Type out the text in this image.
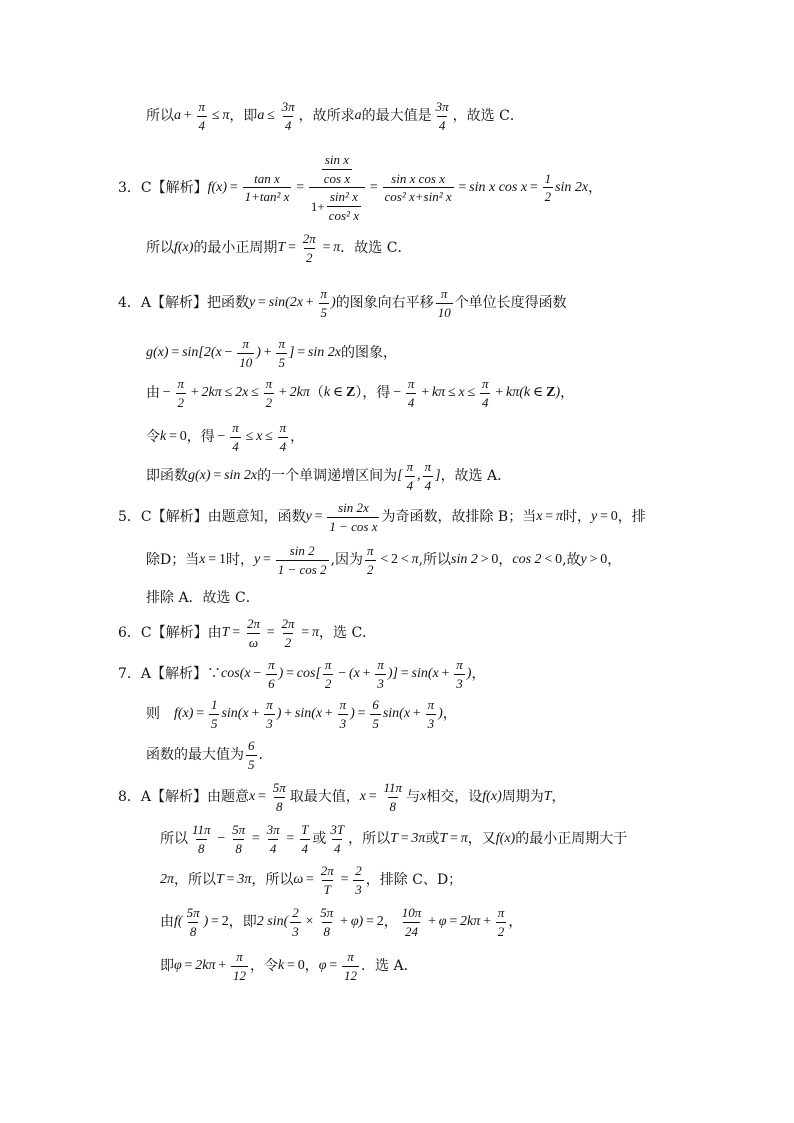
所以 $a + \frac{\pi}{4} \le \pi$ ，即 $a \le \frac{3\pi}{4}$ ，故所求 a 的最大值是 $\frac{3\pi}{4}$ ，故选 C．
3．C【解析】 $f(x) = \frac{\text{tan x}}{\text{1+tan² x}} = \frac{\frac{\text{sin x}}{\text{cos x}}}{1+ \frac{\text{sin² x}}{\text{cos² x}}} = \frac{\text{sin x cos x}}{\text{cos² x+sin² x}} = \sin x$ $\cos x = \frac{1}{2}$ sin 2x ，
所以 f(x) 的最小正周期 $T = \frac{2\pi}{2} = \pi$ ．故选 C．
4．A【解析】把函数 $y = \sin(2x + \frac{\pi}{5}$ ) 的图象向右平移 $\frac{\pi}{10}$ 个单位长度得函数
$g(x) = \sin[2(x - \frac{\pi}{10}$ )  +  $\frac{\pi}{5}$ ]  =  sin 2x 的图象，
由  −  $\frac{\pi}{2} + 2k\pi \le 2x \le \frac{\pi}{2} + 2k\pi$ （ k  ∈  Z ），得  −  $\frac{\pi}{4} + k\pi \le x \le \frac{\pi}{4} + k\pi(k$  ∈  Z ) ，
令 k  =  0 ，得  −  $\frac{\pi}{4} \le x \le \frac{\pi}{4}$ ，
即函数 g(x)  =  sin 2x 的一个单调递增区间为 [ $\frac{\pi}{4}$ , $\frac{\pi}{4}$ ] ，故选 A．
5．C【解析】由题意知，函数 $y = \frac{\sin 2x}{\text{1 − cos x}}$ 为奇函数，故排除 B；当 x  =  π 时， y  =  0 ，排
除D；当 x  =  1 时， $y = \frac{\sin 2}{1 - \cos 2}$ ,因为 $\frac{\pi}{2} < 2 < \pi$ ,所以 sin 2  >  0 ， cos 2  <  0 ,故 y  >  0 ，
排除 A．故选 C．
6．C【解析】由 $T = \frac{2\pi}{\omega} = \frac{2\pi}{2} = \pi$ ，选 C．
7．A【解析】∵ $\cos(x - \frac{\pi}{6}$ )  =  $\cos[ \frac{\pi}{2} - (x + \frac{\pi}{3}$ )]  =  $\sin(x + \frac{\pi}{3}$ ) ，
则　 $f(x) = \frac{1}{5} \sin(x + \frac{\pi}{3}$ )  +  $\sin(x + \frac{\pi}{3}$ )  =  $\frac{6}{5} \sin(x + \frac{\pi}{3}$ ) ，
函数的最大值为 $\frac{6}{5}$ ．
8．A【解析】由题意 $x = \frac{5\pi}{8}$ 取最大值， $x = \frac{11\pi}{8}$ 与 x 相交，设 f(x) 周期为 T ，
所以 $\frac{11\pi}{8} - \frac{5\pi}{8} = \frac{3\pi}{4} = \frac{T}{4}$ 或 $\frac{3T}{4}$ ，所以 T  =  3π 或 T  =  π ，又 f(x) 的最小正周期大于
2π ，所以 T  =  3π ，所以 $\omega = \frac{2\pi}{T} = \frac{2}{3}$ ，排除 C、D；
由 $f( \frac{5\pi}{8}$ )  =  2 ，即 2 $\sin( \frac{2}{3} \times \frac{5\pi}{8} + \varphi) = 2$ ， $\frac{10\pi}{24} + \varphi = 2k\pi + \frac{\pi}{2}$ ，
即 $\varphi = 2k\pi + \frac{\pi}{12}$ ，令 k  =  0 ， $\varphi = \frac{\pi}{12}$ ．选 A．
